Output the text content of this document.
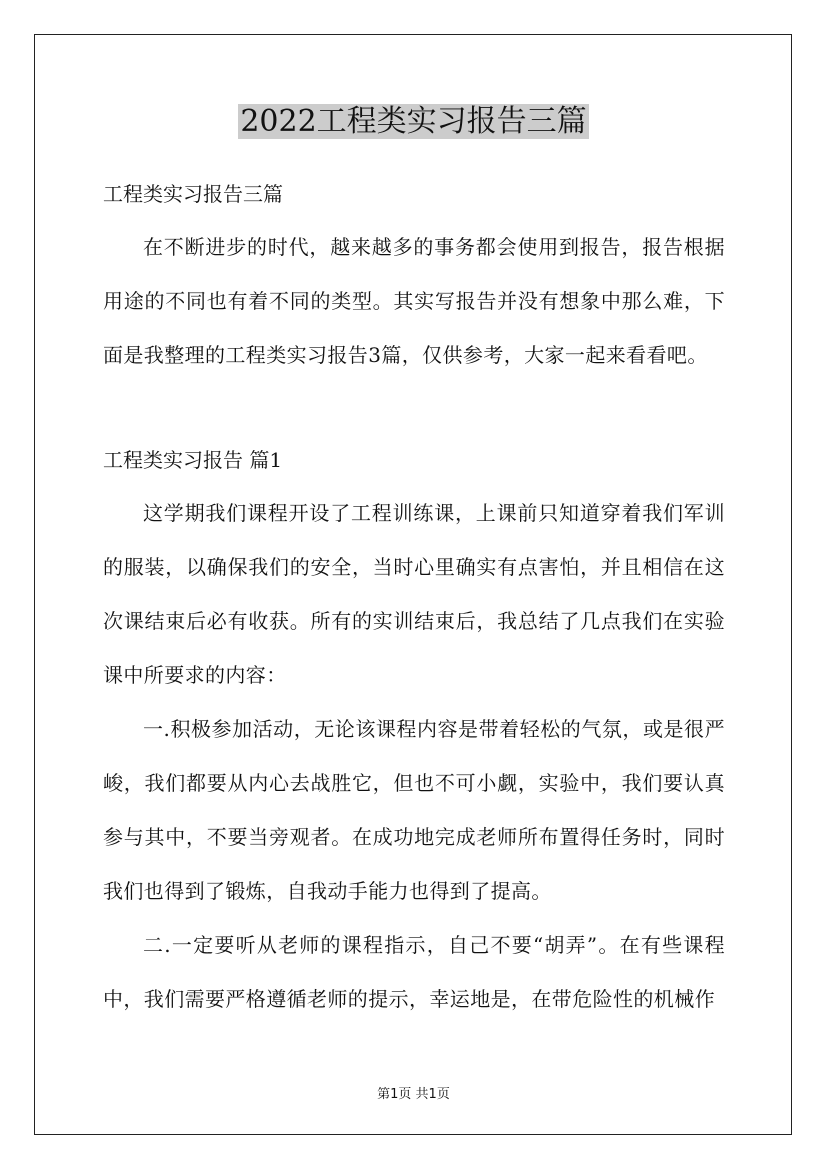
2022工程类实习报告三篇

工程类实习报告三篇

在不断进步的时代，越来越多的事务都会使用到报告，报告根据用途的不同也有着不同的类型。其实写报告并没有想象中那么难，下面是我整理的工程类实习报告3篇，仅供参考，大家一起来看看吧。

工程类实习报告 篇1

这学期我们课程开设了工程训练课，上课前只知道穿着我们军训的服装，以确保我们的安全，当时心里确实有点害怕，并且相信在这次课结束后必有收获。所有的实训结束后，我总结了几点我们在实验课中所要求的内容：

一.积极参加活动，无论该课程内容是带着轻松的气氛，或是很严峻，我们都要从内心去战胜它，但也不可小觑，实验中，我们要认真参与其中，不要当旁观者。在成功地完成老师所布置得任务时，同时我们也得到了锻炼，自我动手能力也得到了提高。

二.一定要听从老师的课程指示，自己不要“胡弄”。在有些课程中，我们需要严格遵循老师的提示，幸运地是，在带危险性的机械作

第1页 共1页
